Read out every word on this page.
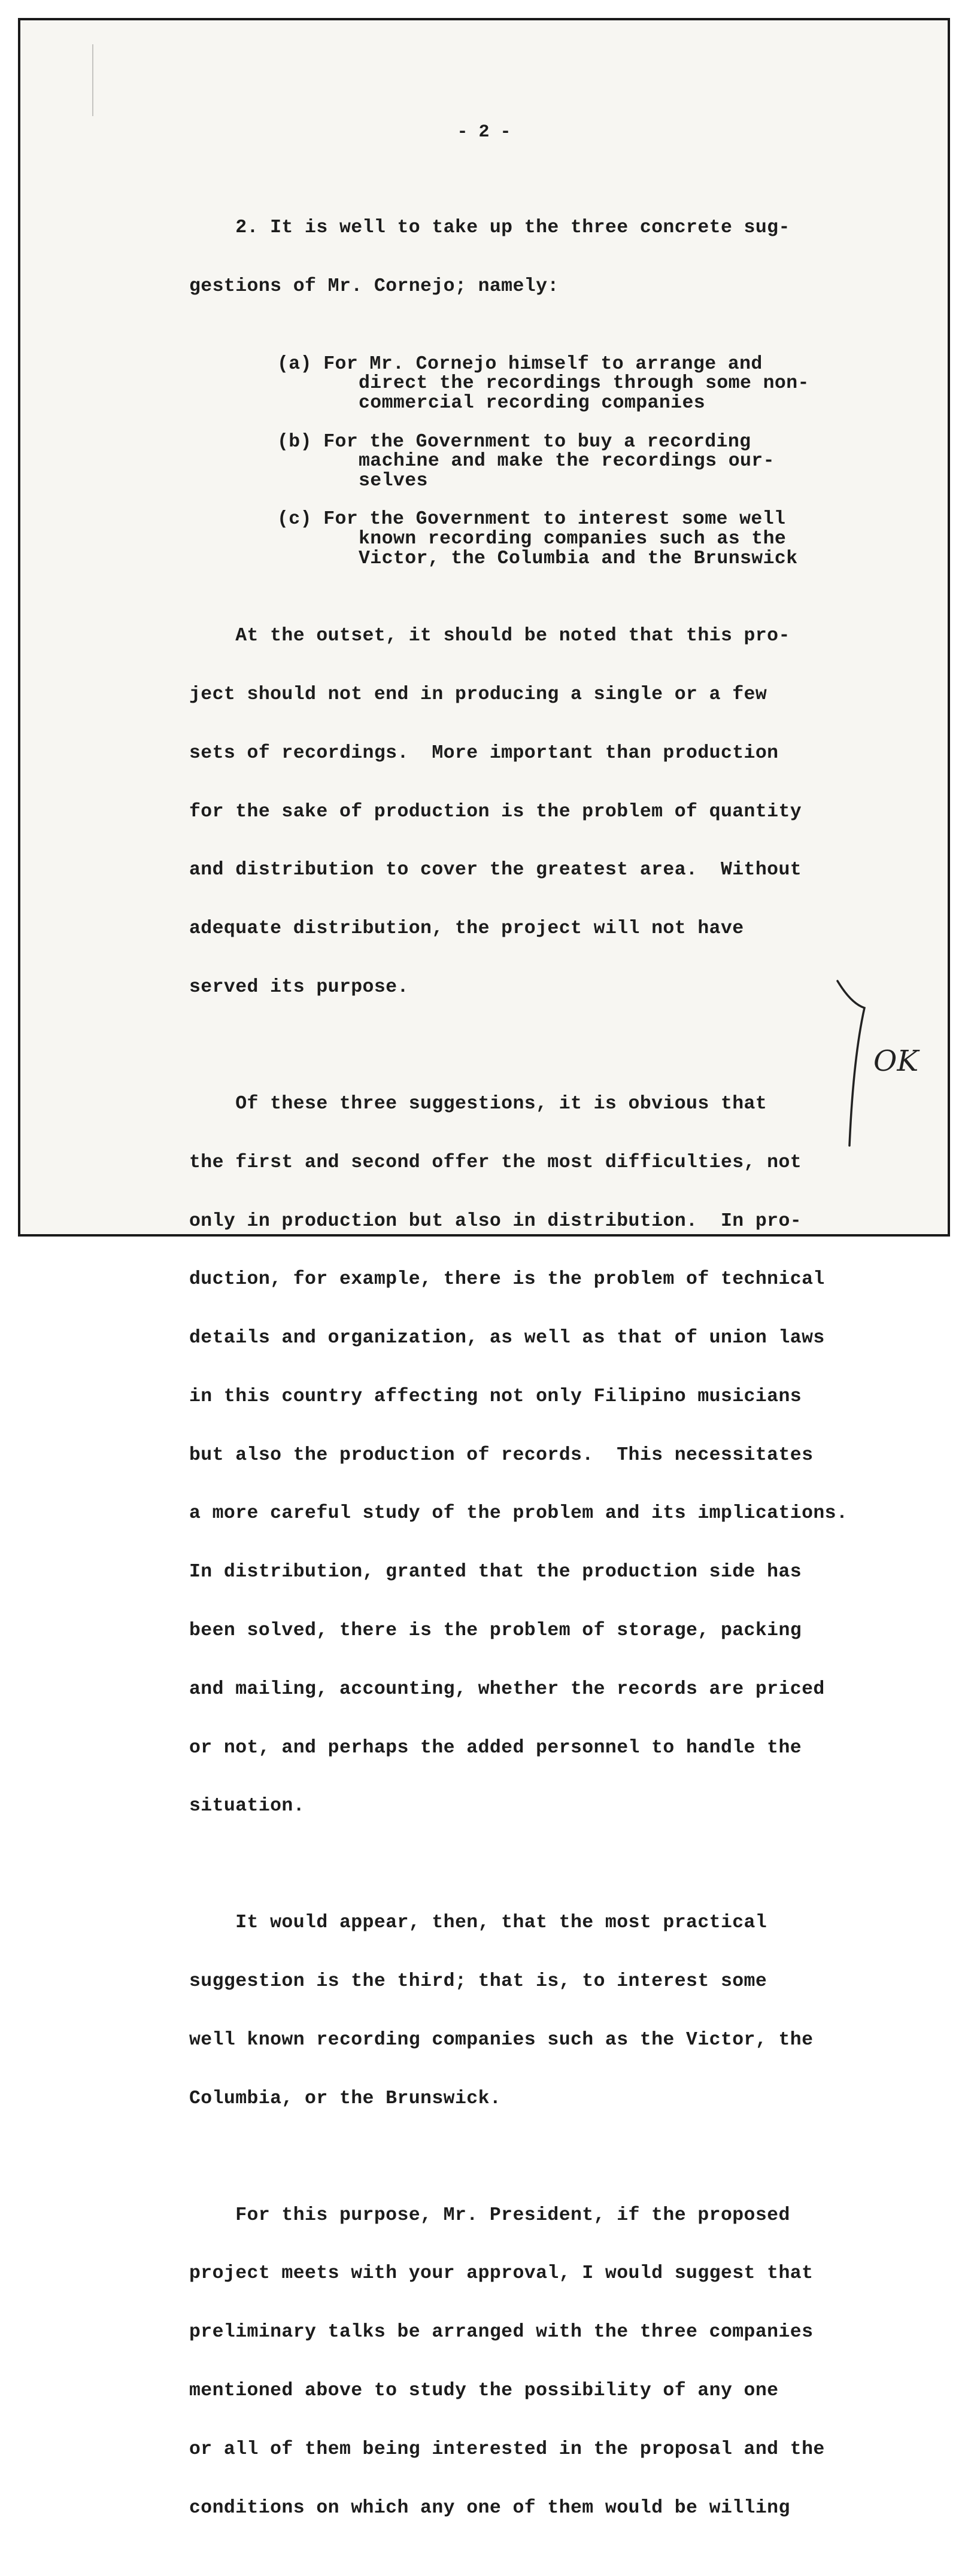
- 2 -

2. It is well to take up the three concrete sug-

gestions of Mr. Cornejo; namely:

(a) For Mr. Cornejo himself to arrange and
direct the recordings through some non-
commercial recording companies
(b) For the Government to buy a recording
machine and make the recordings our-
selves
(c) For the Government to interest some well
known recording companies such as the
Victor, the Columbia and the Brunswick

At the outset, it should be noted that this pro-

ject should not end in producing a single or a few

sets of recordings.  More important than production

for the sake of production is the problem of quantity

and distribution to cover the greatest area.  Without

adequate distribution, the project will not have

served its purpose.

Of these three suggestions, it is obvious that

the first and second offer the most difficulties, not

only in production but also in distribution.  In pro-

duction, for example, there is the problem of technical

details and organization, as well as that of union laws

in this country affecting not only Filipino musicians

but also the production of records.  This necessitates

a more careful study of the problem and its implications.

In distribution, granted that the production side has

been solved, there is the problem of storage, packing

and mailing, accounting, whether the records are priced

or not, and perhaps the added personnel to handle the

situation.

It would appear, then, that the most practical

suggestion is the third; that is, to interest some

well known recording companies such as the Victor, the

Columbia, or the Brunswick.

For this purpose, Mr. President, if the proposed

project meets with your approval, I would suggest that

preliminary talks be arranged with the three companies

mentioned above to study the possibility of any one

or all of them being interested in the proposal and the

conditions on which any one of them would be willing

OK
